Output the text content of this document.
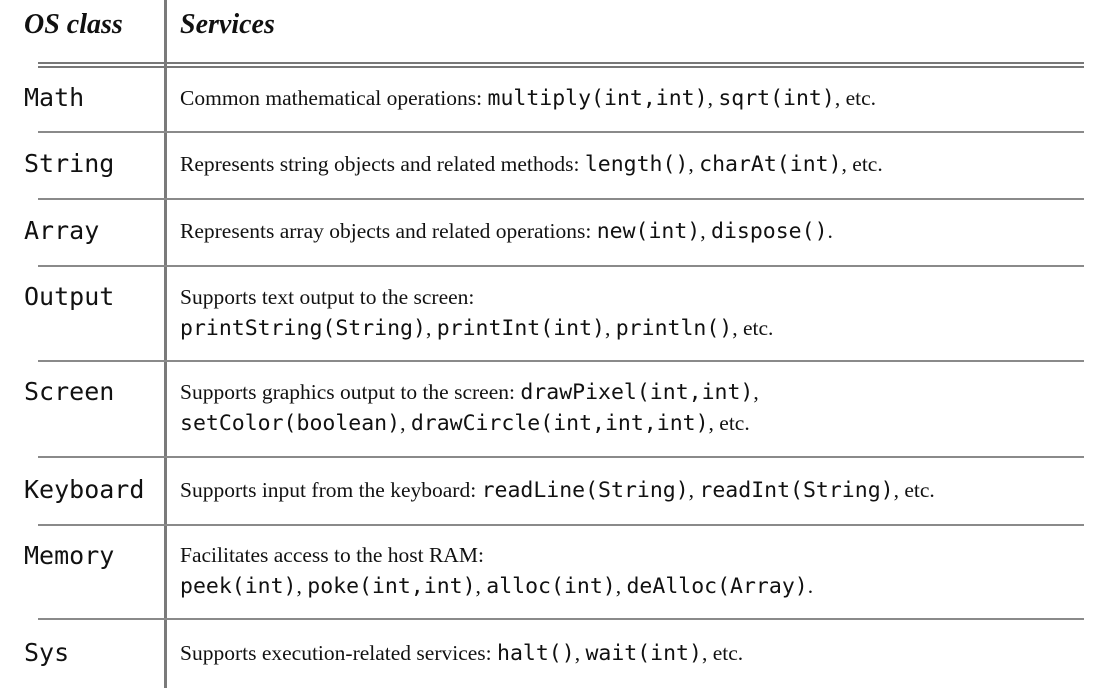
OS class Services
Math	Common mathematical operations: multiply(int,int), sqrt(int), etc.
String	Represents string objects and related methods: length(), charAt(int), etc.
Array	Represents array objects and related operations: new(int), dispose().
Output	Supports text output to the screen:
printString(String), printInt(int), println(), etc.
Screen	Supports graphics output to the screen: drawPixel(int,int),
setColor(boolean), drawCircle(int,int,int), etc.
Keyboard Supports input from the keyboard: readLine(String), readInt(String), etc.
Memory	Facilitates access to the host RAM:
peek(int), poke(int,int), alloc(int), deAlloc(Array).
Sys	Supports execution-related services: halt(), wait(int), etc.
